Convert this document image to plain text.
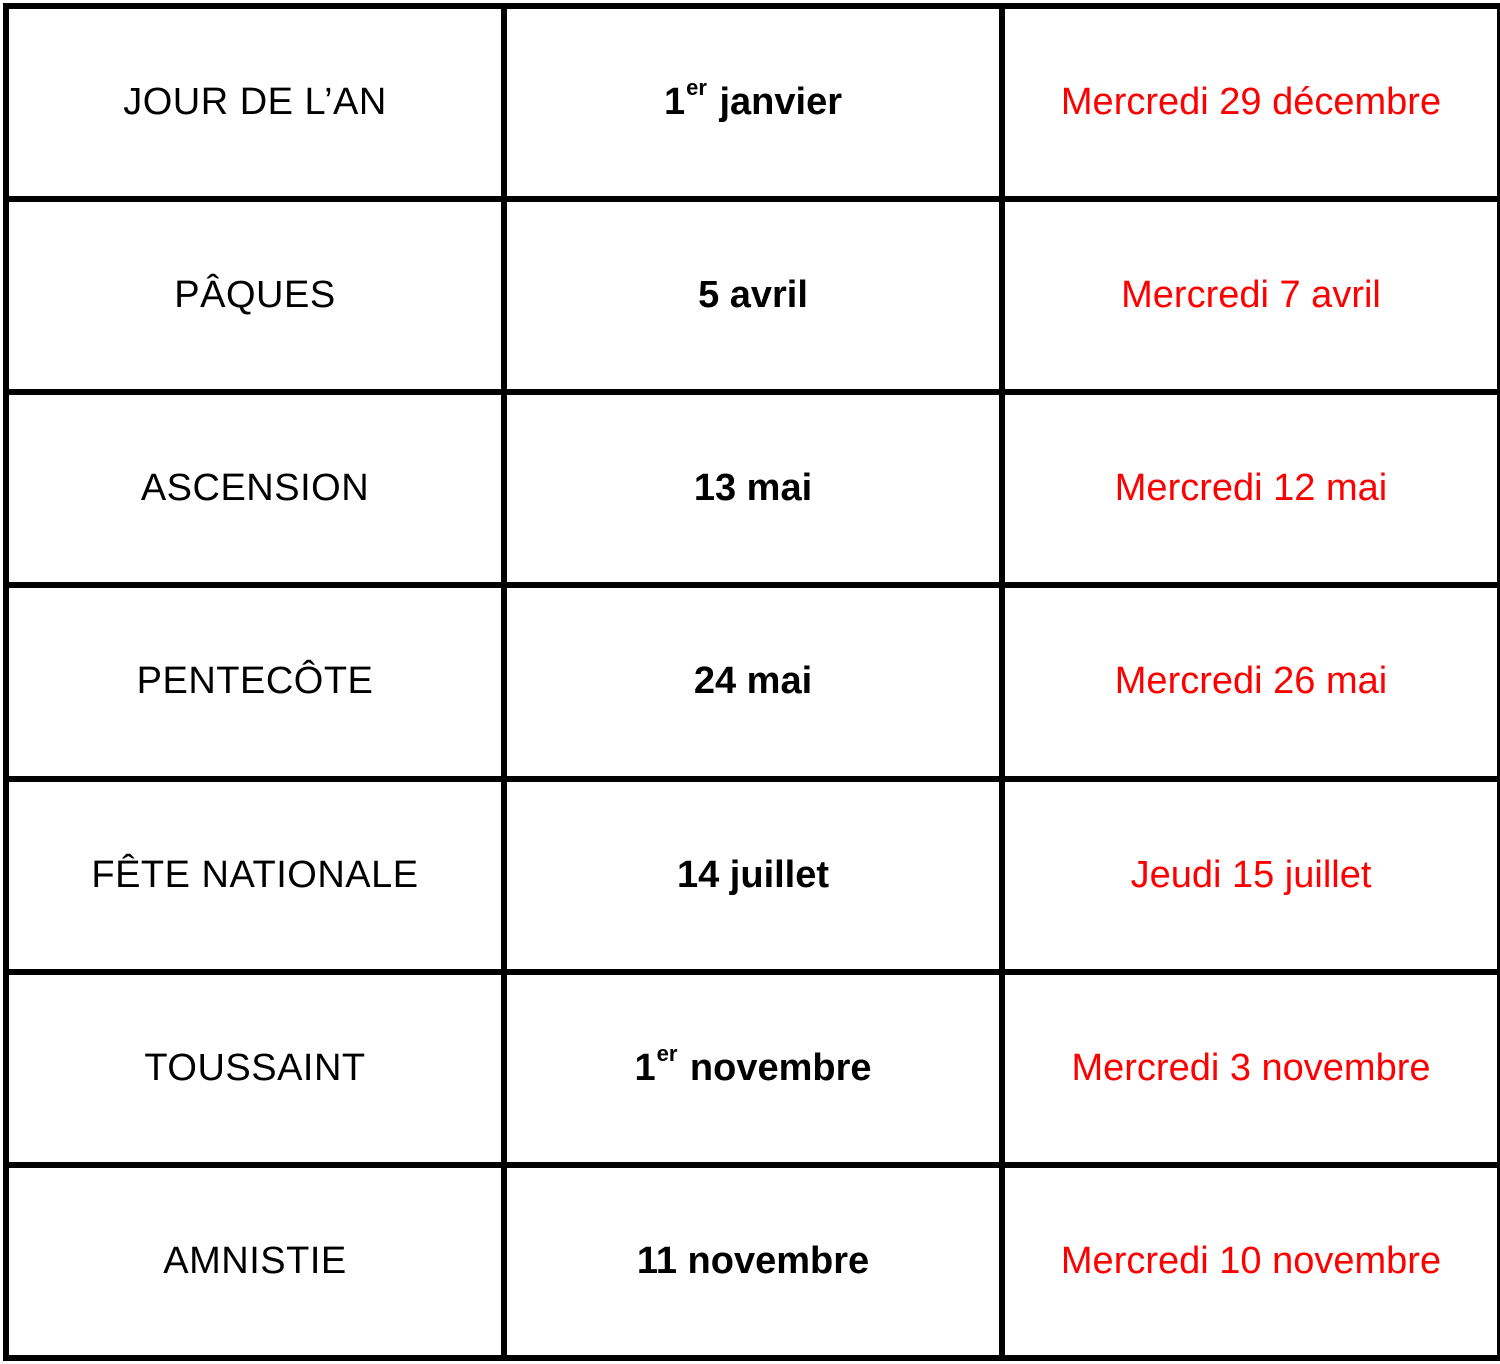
JOUR DE L’AN	1er janvier	Mercredi 29 décembre
PÂQUES	5 avril	Mercredi 7 avril
ASCENSION	13 mai	Mercredi 12 mai
PENTECÔTE	24 mai	Mercredi 26 mai
FÊTE NATIONALE	14 juillet	Jeudi 15 juillet
TOUSSAINT	1er novembre	Mercredi 3 novembre
AMNISTIE	11 novembre	Mercredi 10 novembre
